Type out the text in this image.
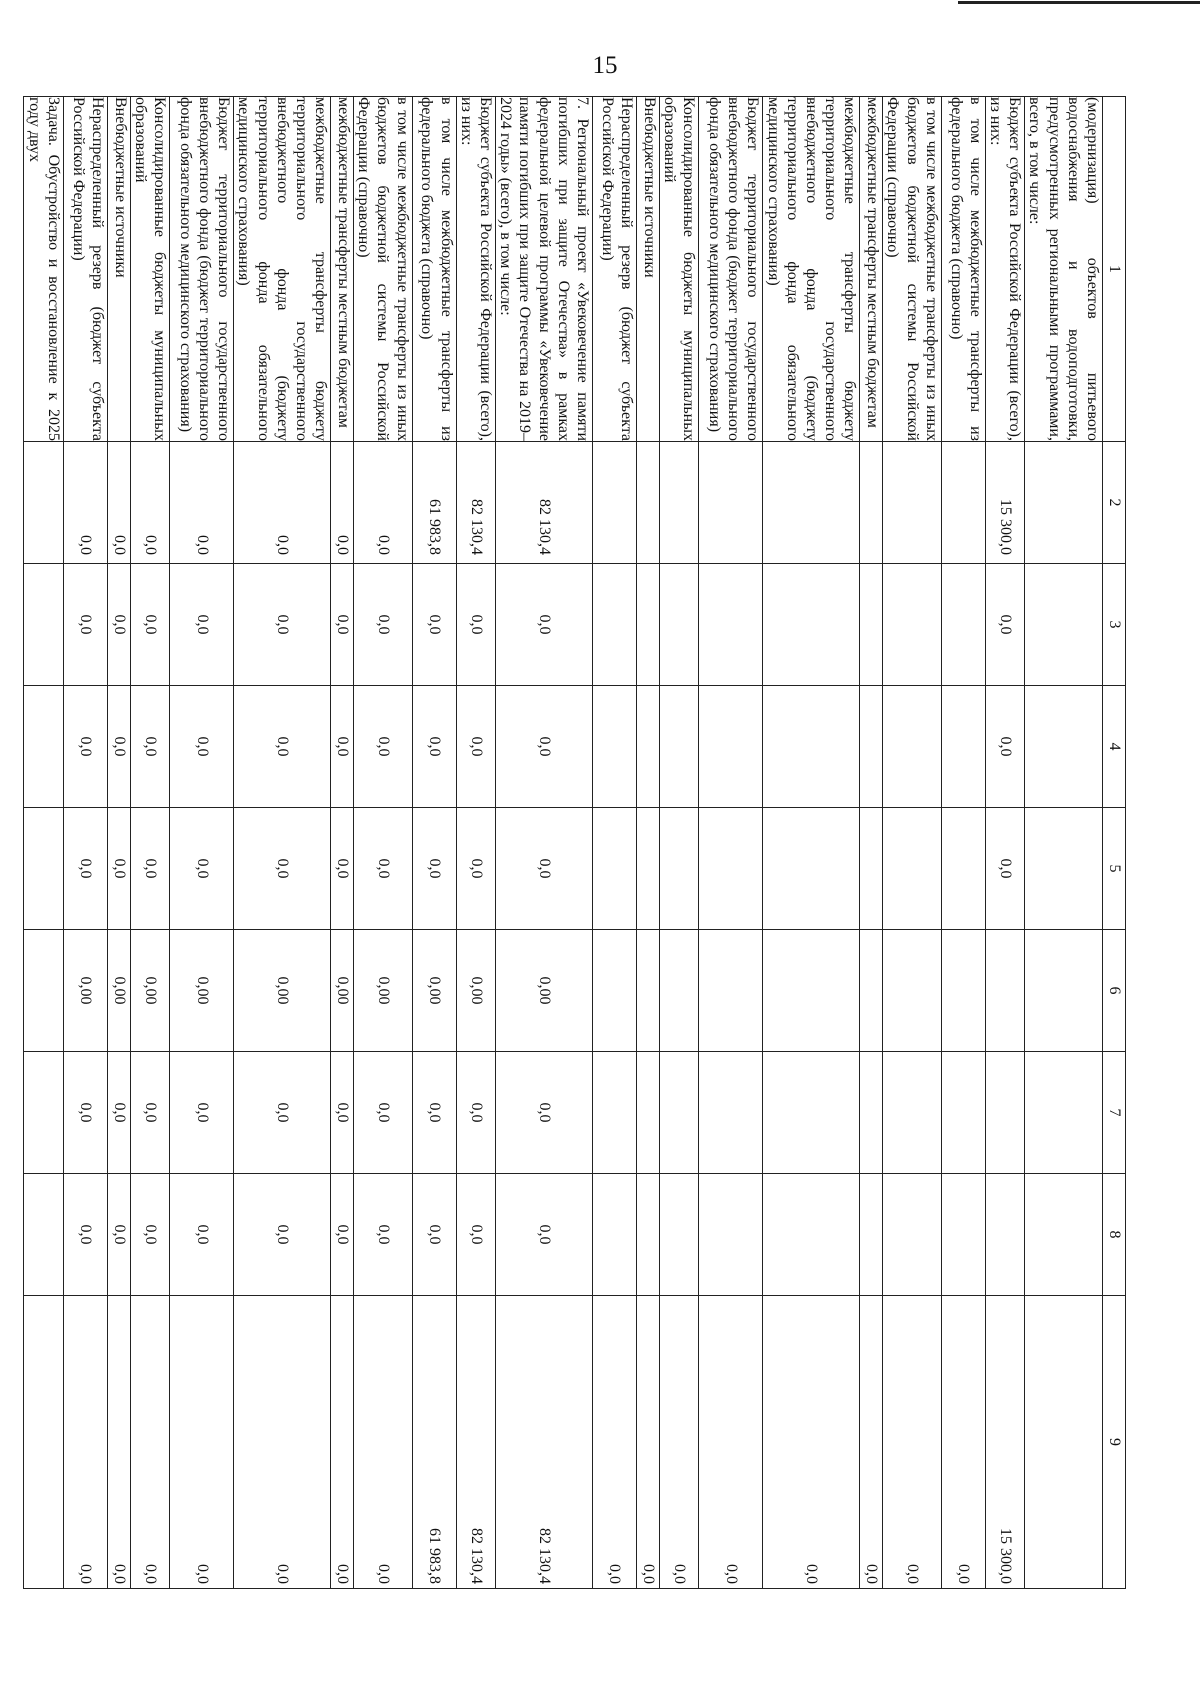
15
1	2	3	4	5	6	7	8	9
(модернизация) объектов питьевого водоснабжения и водоподготовки, предусмотренных региональными программами, всего, в том числе:								
Бюджет субъекта Российской Федерации (всего), из них:	15 300,0	0,0	0,0	0,0				15 300,0
в том числе межбюджетные трансферты из федерального бюджета (справочно)								0,0
в том числе межбюджетные трансферты из иных бюджетов бюджетной системы Российской Федерации (справочно)								0,0
межбюджетные трансферты местным бюджетам								0,0
межбюджетные трансферты бюджету территориального государственного внебюджетного фонда (бюджету территориального фонда обязательного медицинского страхования)								0,0
Бюджет территориального государственного внебюджетного фонда (бюджет территориального фонда обязательного медицинского страхования)								0,0
Консолидированные бюджеты муниципальных образований								0,0
Внебюджетные источники								0,0
Нераспределенный резерв (бюджет субъекта Российской Федерации)								0,0
7. Региональный проект «Увековечение памяти погибших при защите Отечества» в рамках федеральной целевой программы «Увековечение памяти погибших при защите Отечества на 2019–2024 годы» (всего), в том числе:	82 130,4	0,0	0,0	0,0	0,00	0,0	0,0	82 130,4
Бюджет субъекта Российской Федерации (всего), из них:	82 130,4	0,0	0,0	0,0	0,00	0,0	0,0	82 130,4
в том числе межбюджетные трансферты из федерального бюджета (справочно)	61 983,8	0,0	0,0	0,0	0,00	0,0	0,0	61 983,8
в том числе межбюджетные трансферты из иных бюджетов бюджетной системы Российской Федерации (справочно)	0,0	0,0	0,0	0,0	0,00	0,0	0,0	0,0
межбюджетные трансферты местным бюджетам	0,0	0,0	0,0	0,0	0,00	0,0	0,0	0,0
межбюджетные трансферты бюджету территориального государственного внебюджетного фонда (бюджету территориального фонда обязательного медицинского страхования)	0,0	0,0	0,0	0,0	0,00	0,0	0,0	0,0
Бюджет территориального государственного внебюджетного фонда (бюджет территориального фонда обязательного медицинского страхования)	0,0	0,0	0,0	0,0	0,00	0,0	0,0	0,0
Консолидированные бюджеты муниципальных образований	0,0	0,0	0,0	0,0	0,00	0,0	0,0	0,0
Внебюджетные источники	0,0	0,0	0,0	0,0	0,00	0,0	0,0	0,0
Нераспределенный резерв (бюджет субъекта Российской Федерации)	0,0	0,0	0,0	0,0	0,00	0,0	0,0	0,0
Задача. Обустройство и восстановление к 2025 году двух								
